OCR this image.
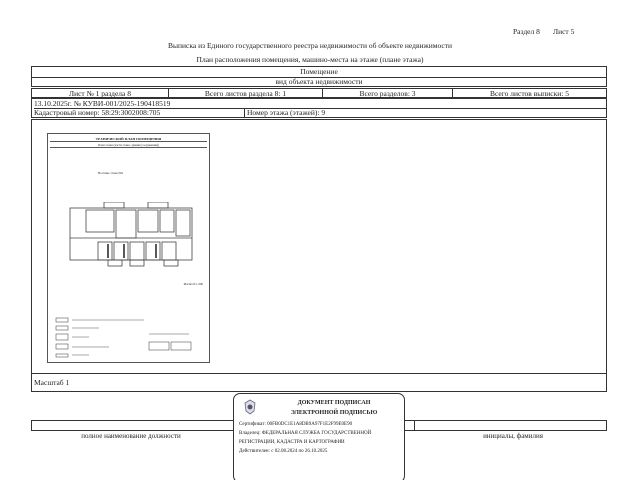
Раздел 8 Лист 5
Выписка из Единого государственного реестра недвижимости об объекте недвижимости
План расположения помещения, машино-места на этаже (плане этажа)
Помещение
вид объекта недвижимости
Лист № 1 раздела 8	Всего листов раздела 8: 1	Всего разделов: 3	Всего листов выписки: 5
13.10.2025г. № КУВИ-001/2025-190418519
Кадастровый номер: 58:29:3002008:705	Номер этажа (этажей): 9
ТЕХНИЧЕСКИЙ ПЛАН ПОМЕЩЕНИЯ
План этажа (части этажа, здания (сооружения))
На плане этажа №9
Масштаб 1:200
Масштаб 1
полное наименование должности	инициалы, фамилия
ДОКУМЕНТ ПОДПИСАН
ЭЛЕКТРОННОЙ ПОДПИСЬЮ
Сертификат: 00FB0DC1E1A8DB9A97F1E2F99E0E90
Владелец: ФЕДЕРАЛЬНАЯ СЛУЖБА ГОСУДАРСТВЕННОЙ
РЕГИСТРАЦИИ, КАДАСТРА И КАРТОГРАФИИ
Действителен: с 02.08.2024 по 26.10.2025
